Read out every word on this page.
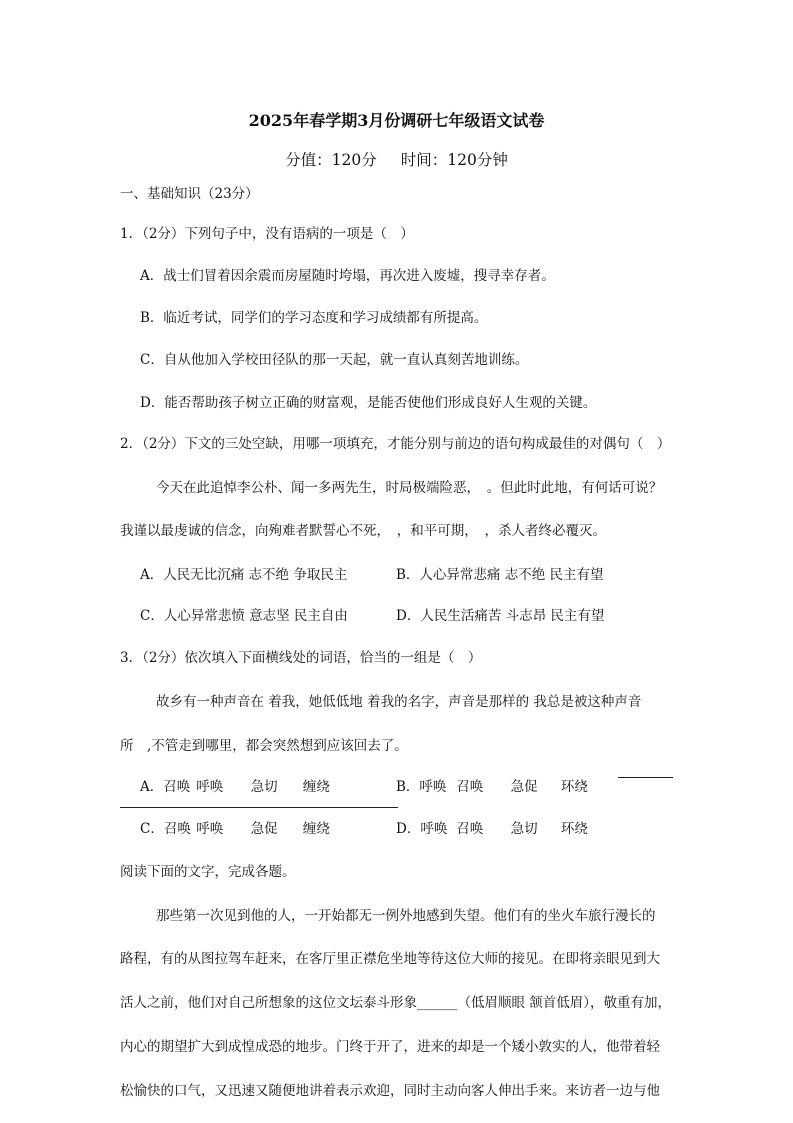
2025年春学期3月份调研七年级语文试卷
分值：120分 时间：120分钟
一、基础知识（23分）
1．（2分）下列句子中，没有语病的一项是（　）
A．战士们冒着因余震而房屋随时垮塌，再次进入废墟，搜寻幸存者。
B．临近考试，同学们的学习态度和学习成绩都有所提高。
C．自从他加入学校田径队的那一天起，就一直认真刻苦地训练。
D．能否帮助孩子树立正确的财富观，是能否使他们形成良好人生观的关键。
2．（2分）下文的三处空缺，用哪一项填充，才能分别与前边的语句构成最佳的对偶句（　）
今天在此追悼李公朴、闻一多两先生，时局极端险恶，　。但此时此地，有何话可说？
我谨以最虔诚的信念，向殉难者默誓心不死，　，和平可期，　，杀人者终必覆灭。
A．人民无比沉痛 志不绝 争取民主	B．人心异常悲痛 志不绝 民主有望
C．人心异常悲愤 意志坚 民主自由	D．人民生活痛苦 斗志昂 民主有望
3．（2分）依次填入下面横线处的词语，恰当的一组是（　）
故乡有一种声音在 着我，她低低地 着我的名字，声音是那样的 我总是被这种声音
所　,不管走到哪里，都会突然想到应该回去了。
A．召唤 呼唤 急切 缠绕	B．呼唤 召唤 急促 环绕
C．召唤 呼唤 急促 缠绕	D．呼唤 召唤 急切 环绕
阅读下面的文字，完成各题。
那些第一次见到他的人，一开始都无一例外地感到失望。他们有的坐火车旅行漫长的
路程，有的从图拉驾车赶来，在客厅里正襟危坐地等待这位大师的接见。在即将亲眼见到大
活人之前，他们对自己所想象的这位文坛泰斗形象______（低眉顺眼 颔首低眉），敬重有加，
内心的期望扩大到成惶成恐的地步。门终于开了，进来的却是一个矮小敦实的人，他带着轻
松愉快的口气，又迅速又随便地讲着表示欢迎，同时主动向客人伸出手来。来访者一边与他
